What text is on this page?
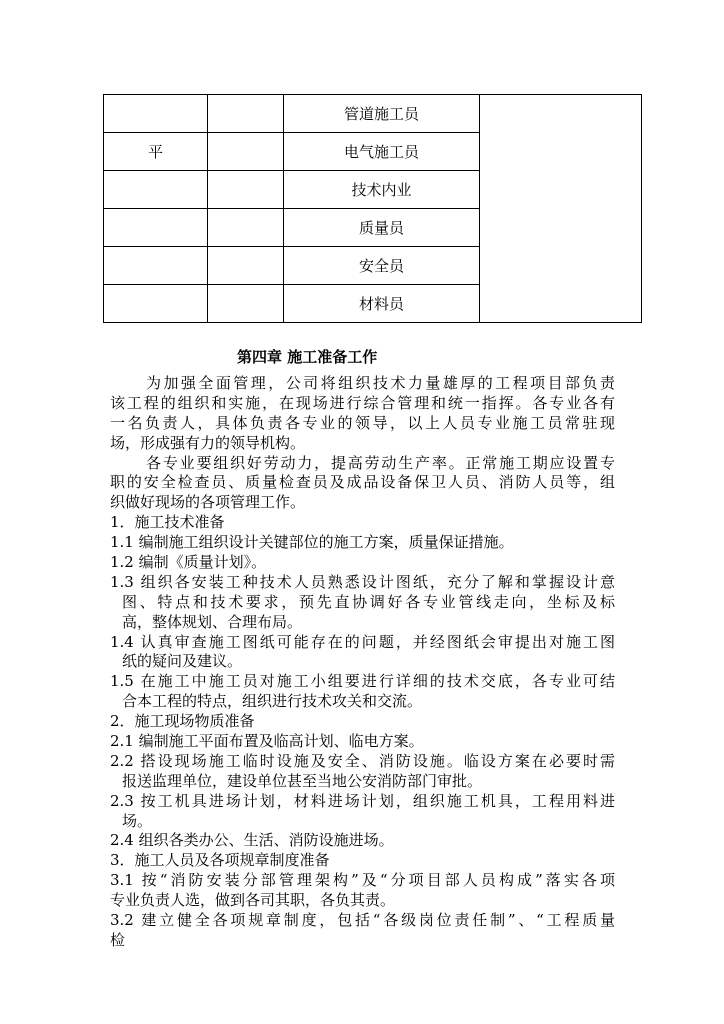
		管道施工员	
平		电气施工员	
		技术内业	
		质量员	
		安全员	
		材料员	
第四章 施工准备工作
为加强全面管理，公司将组织技术力量雄厚的工程项目部负责
该工程的组织和实施，在现场进行综合管理和统一指挥。各专业各有
一名负责人，具体负责各专业的领导，以上人员专业施工员常驻现
场，形成强有力的领导机构。
各专业要组织好劳动力，提高劳动生产率。正常施工期应设置专
职的安全检查员、质量检查员及成品设备保卫人员、消防人员等，组
织做好现场的各项管理工作。
1．施工技术准备
1.1 编制施工组织设计关键部位的施工方案，质量保证措施。
1.2 编制《质量计划》。
1.3 组织各安装工种技术人员熟悉设计图纸，充分了解和掌握设计意
图、特点和技术要求，预先直协调好各专业管线走向，坐标及标
高，整体规划、合理布局。
1.4 认真审查施工图纸可能存在的问题，并经图纸会审提出对施工图
纸的疑问及建议。
1.5 在施工中施工员对施工小组要进行详细的技术交底，各专业可结
合本工程的特点，组织进行技术攻关和交流。
2．施工现场物质准备
2.1 编制施工平面布置及临高计划、临电方案。
2.2 搭设现场施工临时设施及安全、消防设施。临设方案在必要时需
报送监理单位，建设单位甚至当地公安消防部门审批。
2.3 按工机具进场计划，材料进场计划，组织施工机具，工程用料进
场。
2.4 组织各类办公、生活、消防设施进场。
3．施工人员及各项规章制度准备
3.1 按“消防安装分部管理架构”及“分项目部人员构成”落实各项
专业负责人选，做到各司其职，各负其责。
3.2 建立健全各项规章制度，包括“各级岗位责任制”、“工程质量
检
